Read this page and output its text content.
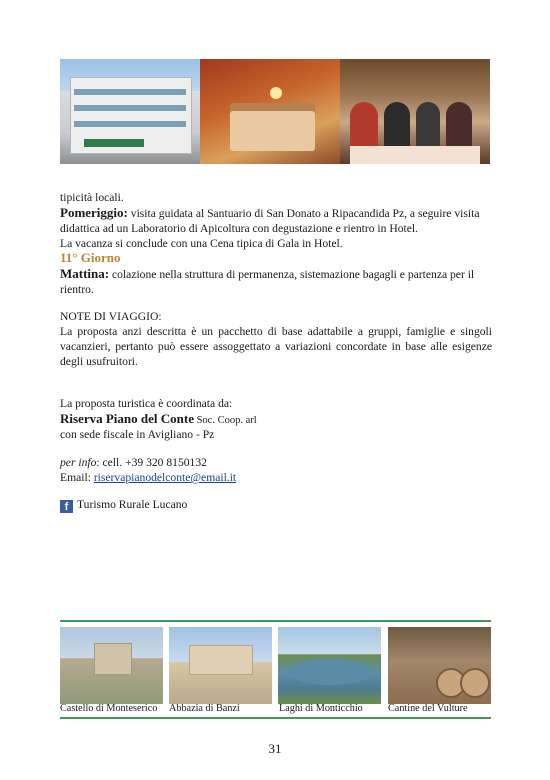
tipicità locali.
Pomeriggio: visita guidata al Santuario di San Donato a Ripacandida Pz, a seguire visita didattica ad un Laboratorio di Apicoltura con degustazione e rientro in Hotel.
La vacanza si conclude con una Cena tipica di Gala in Hotel.
11° Giorno
Mattina: colazione nella struttura di permanenza, sistemazione bagagli e partenza per il rientro.
NOTE DI VIAGGIO:
La proposta anzi descritta è un pacchetto di base adattabile a gruppi, famiglie e singoli vacanzieri, pertanto può essere assoggettato a variazioni concordate in base alle esigenze degli usufruitori.
La proposta turistica è coordinata da:
Riserva Piano del Conte Soc. Coop. arl
con sede fiscale in Avigliano - Pz
per info: cell. +39 320 8150132
Email: riservapianodelconte@email.it
f Turismo Rurale Lucano
Castello di Monteserico Abbazia di Banzi	Laghi di Monticchio Cantine del Vulture
31
